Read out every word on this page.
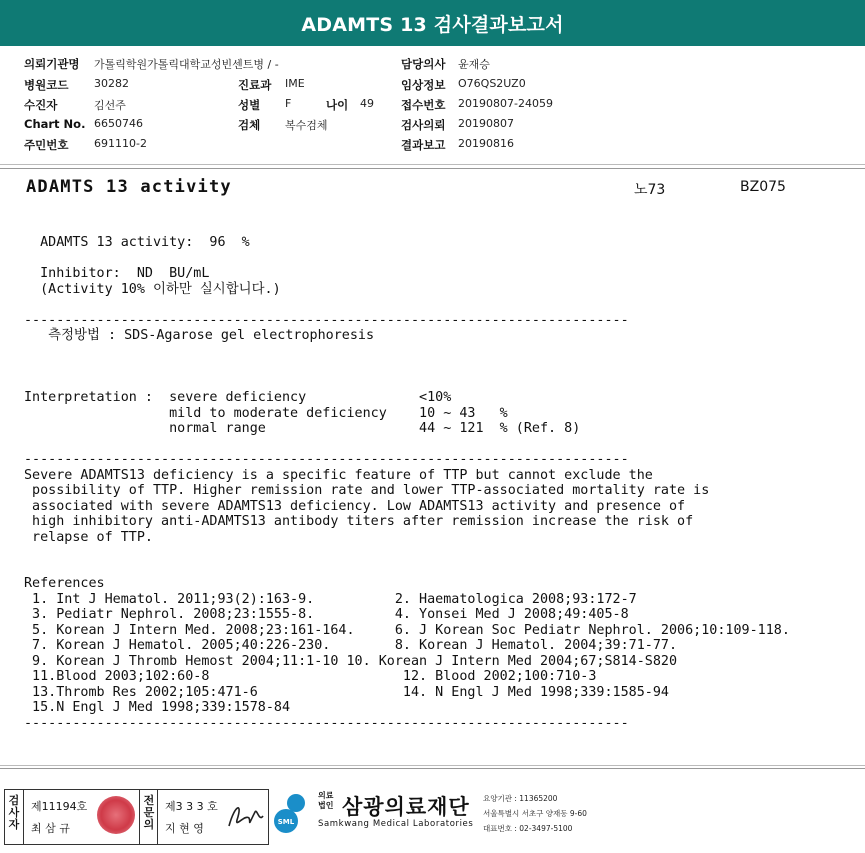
ADAMTS 13 검사결과보고서
의뢰기관명 가톨릭학원가톨릭대학교성빈센트병 / -
병원코드 30282
수진자	김선주
Chart No. 6650746
주민번호 691110-2
진료과 IME
성별 F	나이 49
검체 복수검체
담당의사 윤재승
임상정보 O76QS2UZ0
접수번호 20190807-24059
검사의뢰 20190807
결과보고 20190816
ADAMTS 13 activity	노73	BZ075
ADAMTS 13 activity:  96  %

Inhibitor:  ND  BU/mL
(Activity 10% 이하만 실시합니다.)

---------------------------------------------------------------------------
측정방법 : SDS-Agarose gel electrophoresis

Interpretation :  severe deficiency              <10%
mild to moderate deficiency    10 ~ 43   %
normal range                   44 ~ 121  % (Ref. 8)

---------------------------------------------------------------------------
Severe ADAMTS13 deficiency is a specific feature of TTP but cannot exclude the
possibility of TTP. Higher remission rate and lower TTP-associated mortality rate is
associated with severe ADAMTS13 deficiency. Low ADAMTS13 activity and presence of
high inhibitory anti-ADAMTS13 antibody titers after remission increase the risk of
relapse of TTP.

References
1. Int J Hematol. 2011;93(2):163-9.          2. Haematologica 2008;93:172-7
3. Pediatr Nephrol. 2008;23:1555-8.          4. Yonsei Med J 2008;49:405-8
5. Korean J Intern Med. 2008;23:161-164.     6. J Korean Soc Pediatr Nephrol. 2006;10:109-118.
7. Korean J Hematol. 2005;40:226-230.        8. Korean J Hematol. 2004;39:71-77.
9. Korean J Thromb Hemost 2004;11:1-10 10. Korean J Intern Med 2004;67;S814-S820
11.Blood 2003;102:60-8                        12. Blood 2002;100:710-3
13.Thromb Res 2002;105:471-6                  14. N Engl J Med 1998;339:1585-94
15.N Engl J Med 1998;339:1578-84
---------------------------------------------------------------------------
검
사
자
제11194호
최 삼 규
전
문
의
제3 3 3 호
지 현 영	SML
의료법인 삼광의료재단
Samkwang Medical Laboratories
요양기관 : 11365200
서울특별시 서초구 양재동 9-60
대표번호 : 02-3497-5100
